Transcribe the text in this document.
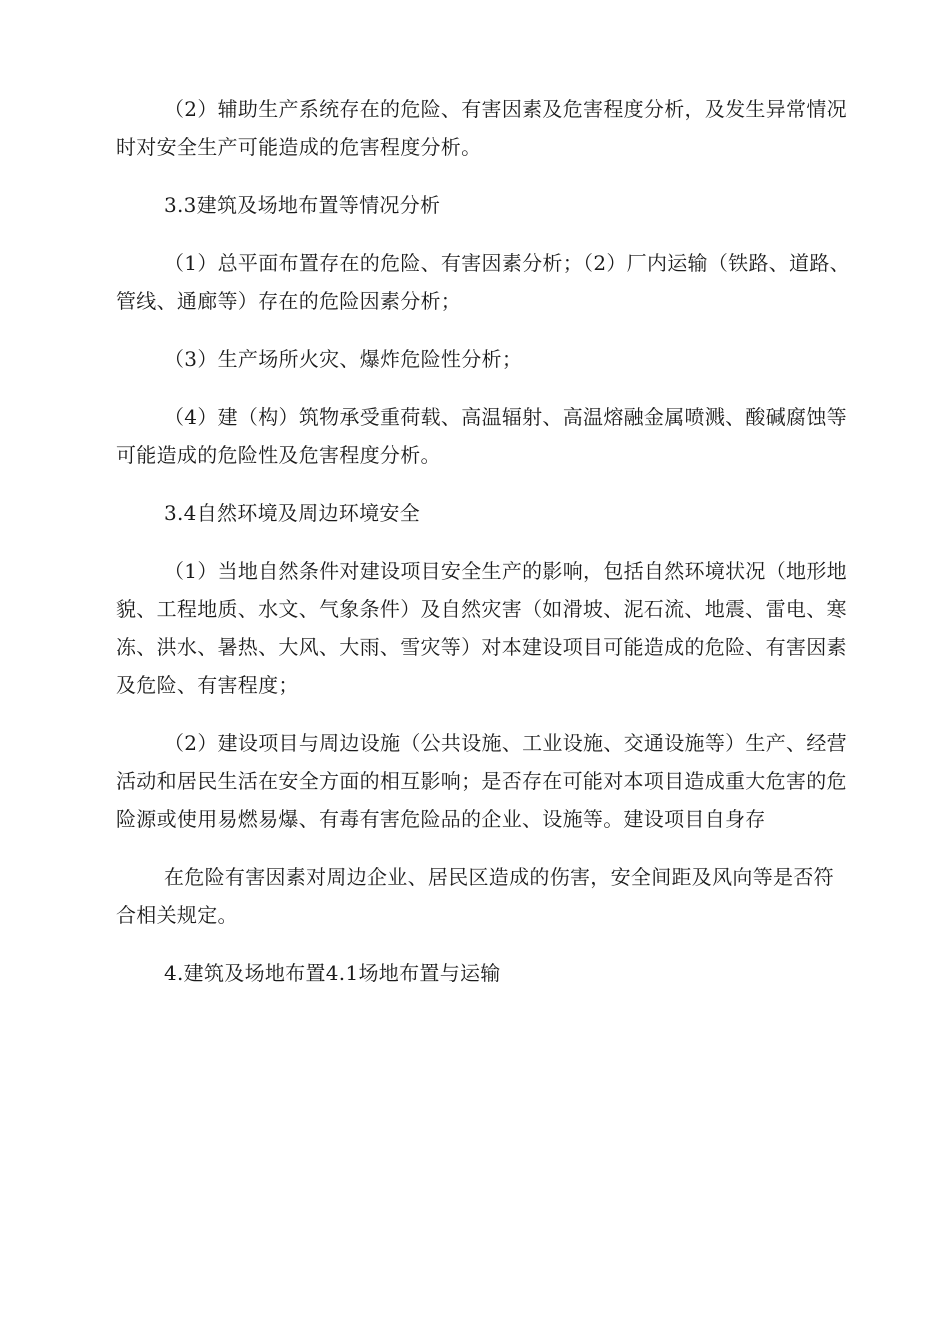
（2）辅助生产系统存在的危险、有害因素及危害程度分析，及发生异常情况时对安全生产可能造成的危害程度分析。

3.3建筑及场地布置等情况分析

（1）总平面布置存在的危险、有害因素分析；（2）厂内运输（铁路、道路、管线、通廊等）存在的危险因素分析；

（3）生产场所火灾、爆炸危险性分析；

（4）建（构）筑物承受重荷载、高温辐射、高温熔融金属喷溅、酸碱腐蚀等可能造成的危险性及危害程度分析。

3.4自然环境及周边环境安全

（1）当地自然条件对建设项目安全生产的影响，包括自然环境状况（地形地貌、工程地质、水文、气象条件）及自然灾害（如滑坡、泥石流、地震、雷电、寒冻、洪水、暑热、大风、大雨、雪灾等）对本建设项目可能造成的危险、有害因素及危险、有害程度；

（2）建设项目与周边设施（公共设施、工业设施、交通设施等）生产、经营活动和居民生活在安全方面的相互影响；是否存在可能对本项目造成重大危害的危险源或使用易燃易爆、有毒有害危险品的企业、设施等。建设项目自身存

在危险有害因素对周边企业、居民区造成的伤害，安全间距及风向等是否符合相关规定。

4.建筑及场地布置4.1场地布置与运输
